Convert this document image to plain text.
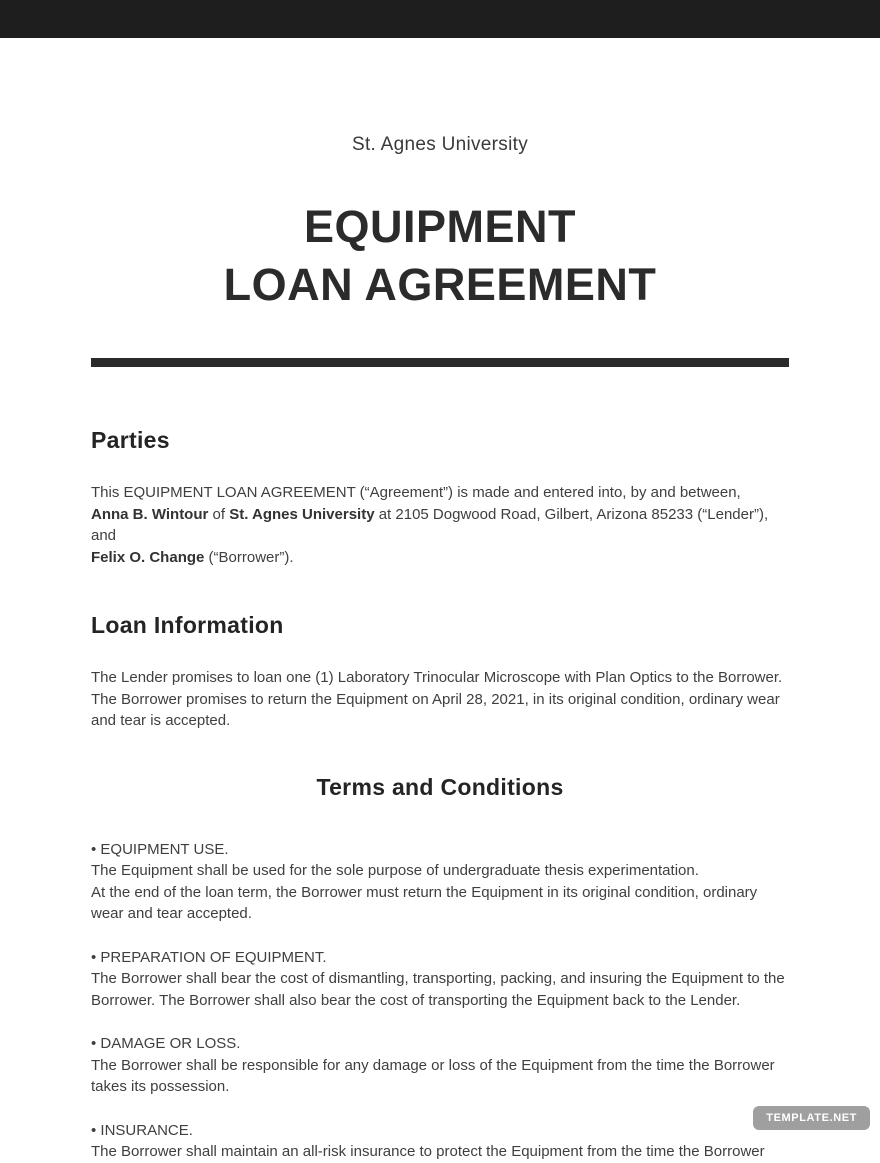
St. Agnes University
EQUIPMENT
LOAN AGREEMENT
Parties
This EQUIPMENT LOAN AGREEMENT (“Agreement”) is made and entered into, by and between,
Anna B. Wintour of St. Agnes University at 2105 Dogwood Road, Gilbert, Arizona 85233 (“Lender”), and
Felix O. Change (“Borrower”).
Loan Information
The Lender promises to loan one (1) Laboratory Trinocular Microscope with Plan Optics to the Borrower.
The Borrower promises to return the Equipment on April 28, 2021, in its original condition, ordinary wear and tear is accepted.
Terms and Conditions
• EQUIPMENT USE.
The Equipment shall be used for the sole purpose of undergraduate thesis experimentation.
At the end of the loan term, the Borrower must return the Equipment in its original condition, ordinary wear and tear accepted.
• PREPARATION OF EQUIPMENT.
The Borrower shall bear the cost of dismantling, transporting, packing, and insuring the Equipment to the Borrower. The Borrower shall also bear the cost of transporting the Equipment back to the Lender.
• DAMAGE OR LOSS.
The Borrower shall be responsible for any damage or loss of the Equipment from the time the Borrower takes its possession.
• INSURANCE.
The Borrower shall maintain an all-risk insurance to protect the Equipment from the time the Borrower
TEMPLATE.NET
